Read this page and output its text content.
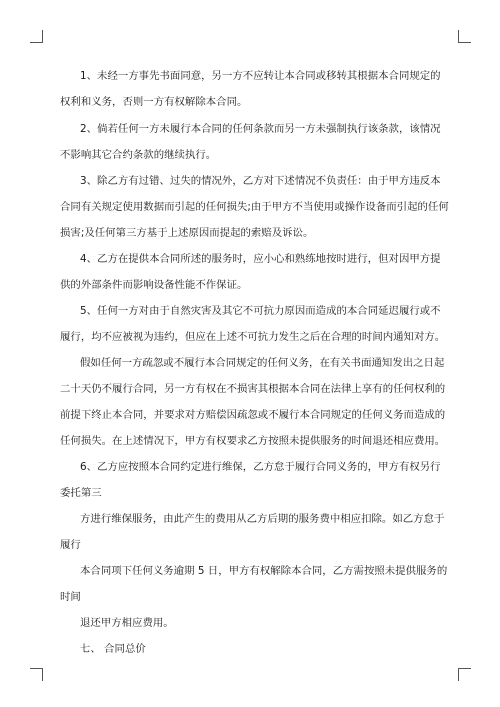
1、未经一方事先书面同意，另一方不应转让本合同或移转其根据本合同规定的
权利和义务，否则一方有权解除本合同。
2、倘若任何一方未履行本合同的任何条款而另一方未强制执行该条款，该情况
不影响其它合约条款的继续执行。
3、除乙方有过错、过失的情况外，乙方对下述情况不负责任：由于甲方违反本
合同有关规定使用数据而引起的任何损失;由于甲方不当使用或操作设备而引起的任何
损害;及任何第三方基于上述原因而提起的索赔及诉讼。
4、乙方在提供本合同所述的服务时，应小心和熟练地按时进行，但对因甲方提
供的外部条件而影响设备性能不作保证。
5、任何一方对由于自然灾害及其它不可抗力原因而造成的本合同延迟履行或不
履行，均不应被视为违约，但应在上述不可抗力发生之后在合理的时间内通知对方。
假如任何一方疏忽或不履行本合同规定的任何义务，在有关书面通知发出之日起
二十天仍不履行合同，另一方有权在不损害其根据本合同在法律上享有的任何权利的
前提下终止本合同，并要求对方赔偿因疏忽或不履行本合同规定的任何义务而造成的
任何损失。在上述情况下，甲方有权要求乙方按照未提供服务的时间退还相应费用。
6、乙方应按照本合同约定进行维保，乙方怠于履行合同义务的，甲方有权另行
委托第三
方进行维保服务，由此产生的费用从乙方后期的服务费中相应扣除。如乙方怠于
履行
本合同项下任何义务逾期 5 日，甲方有权解除本合同，乙方需按照未提供服务的
时间
退还甲方相应费用。
七、 合同总价
